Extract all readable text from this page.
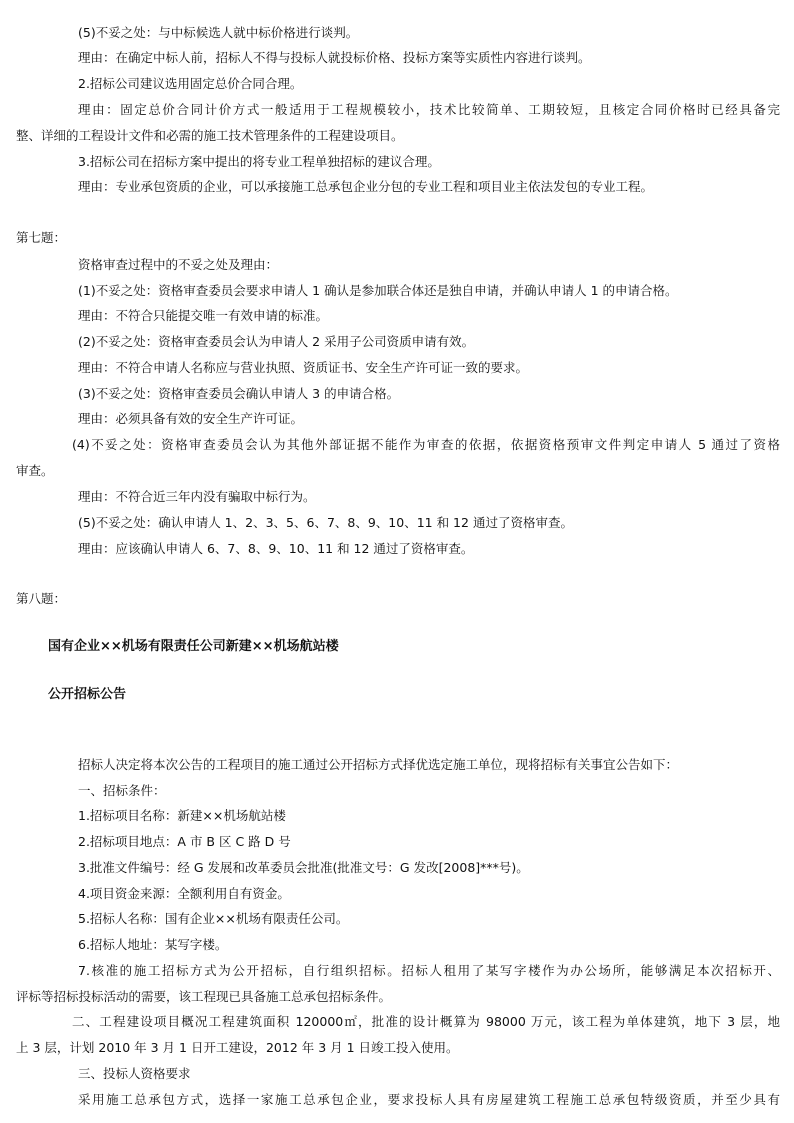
(5)不妥之处：与中标候选人就中标价格进行谈判。
理由：在确定中标人前，招标人不得与投标人就投标价格、投标方案等实质性内容进行谈判。
2.招标公司建议选用固定总价合同合理。
理由：固定总价合同计价方式一般适用于工程规模较小，技术比较简单、工期较短，且核定合同价格时已经具备完
整、详细的工程设计文件和必需的施工技术管理条件的工程建设项目。
3.招标公司在招标方案中提出的将专业工程单独招标的建议合理。
理由：专业承包资质的企业，可以承接施工总承包企业分包的专业工程和项目业主依法发包的专业工程。
第七题：
资格审查过程中的不妥之处及理由：
(1)不妥之处：资格审查委员会要求申请人 1 确认是参加联合体还是独自申请，并确认申请人 1 的申请合格。
理由：不符合只能提交唯一有效申请的标准。
(2)不妥之处：资格审查委员会认为申请人 2 采用子公司资质申请有效。
理由：不符合申请人名称应与营业执照、资质证书、安全生产许可证一致的要求。
(3)不妥之处：资格审查委员会确认申请人 3 的申请合格。
理由：必须具备有效的安全生产许可证。
(4)不妥之处：资格审查委员会认为其他外部证据不能作为审查的依据，依据资格预审文件判定申请人 5 通过了资格
审查。
理由：不符合近三年内没有骗取中标行为。
(5)不妥之处：确认申请人 1、2、3、5、6、7、8、9、10、11 和 12 通过了资格审查。
理由：应该确认申请人 6、7、8、9、10、11 和 12 通过了资格审查。
第八题：
国有企业××机场有限责任公司新建××机场航站楼
公开招标公告
招标人决定将本次公告的工程项目的施工通过公开招标方式择优选定施工单位，现将招标有关事宜公告如下：
一、招标条件：
1.招标项目名称：新建××机场航站楼
2.招标项目地点：A 市 B 区 C 路 D 号
3.批准文件编号：经 G 发展和改革委员会批准(批准文号：G 发改[2008]***号)。
4.项目资金来源：全额利用自有资金。
5.招标人名称：国有企业××机场有限责任公司。
6.招标人地址：某写字楼。
7.核准的施工招标方式为公开招标，自行组织招标。招标人租用了某写字楼作为办公场所，能够满足本次招标开、
评标等招标投标活动的需要，该工程现已具备施工总承包招标条件。
二、工程建设项目概况工程建筑面积 120000㎡，批准的设计概算为 98000 万元，该工程为单体建筑，地下 3 层，地
上 3 层，计划 2010 年 3 月 1 日开工建设，2012 年 3 月 1 日竣工投入使用。
三、投标人资格要求
采用施工总承包方式，选择一家施工总承包企业，要求投标人具有房屋建筑工程施工总承包特级资质，并至少具有
